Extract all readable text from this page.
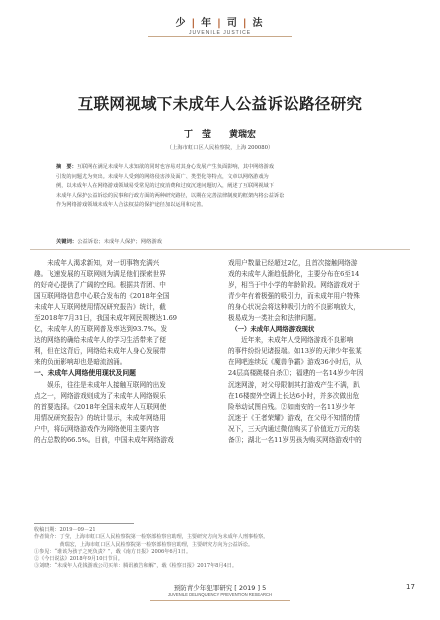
少 | 年 | 司 | 法
JUVENILE JUSTICE
互联网视域下未成年人公益诉讼路径研究
丁　莹 黄瑞宏
（上海市虹口区人民检察院，上海 200080）
摘　要：互联网在满足未成年人求知欲的同时也容易对其身心发展产生负面影响，其中网络游戏
引发的问题尤为突出。未成年人受到的网络侵害涉及面广、类型化等特点，文章以网络游戏为
例，以未成年人在网络游戏领域易受常见的过度消费和过度沉迷问题切入，阐述了互联网视域下
未成年人保护公益诉讼的民事和行政方面的两种研究路径，以期在完善法律制度的框架内将公益诉讼
作为网络游戏领域未成年人合法权益的保护途径加以运用和完善。
关键词：公益诉讼；未成年人保护；网络游戏
　　未成年人渴求新知，对一切事物充满兴
趣。飞速发展的互联网则为满足他们探索世界
的好奇心提供了广阔的空间。根据共青团、中
国互联网络信息中心联合发布的《2018年全国
未成年人互联网使用情况研究报告》统计，截
至2018年7月31日，我国未成年网民规模达1.69
亿，未成年人的互联网普及率达到93.7%。发
达的网络的确给未成年人的学习生活带来了便
利，但在这背后，网络给未成年人身心发展带
来的负面影响却也是暗流汹涌。
一、未成年人网络使用现状及问题
　　娱乐，往往是未成年人接触互联网的出发
点之一，网络游戏则成为了未成年人网络娱乐
的首要选择。《2018年全国未成年人互联网使
用情况研究报告》的统计显示，未成年网络用
户中，将玩网络游戏作为网络使用主要内容
的占总数的66.5%。目前，中国未成年网络游戏
戏用户数量已经超过2亿，且首次接触网络游
戏的未成年人渐趋低龄化，主要分布在6至14
岁，相当于中小学的年龄阶段。网络游戏对于
青少年有着极强的吸引力，而未成年用户特殊
的身心状况会将这种吸引力的不良影响放大，
极易成为一类社会和法律问题。
　（一）未成年人网络游戏现状
　　近年来，未成年人受网络游戏不良影响
的事件纷纷见诸报端。如13岁的天津少年张某
在网吧连续玩《魔兽争霸》游戏36小时后，从
24层高楼跳楼自杀①；福建的一名14岁少年因
沉迷网游，对父母限制其打游戏产生不满，趴
在16楼窗外空调上长达6小时，并多次做出危
险举动试图自残。②如南安的一名11岁少年
沉迷于《王者荣耀》游戏，在父母不知情的情
况下，三天内通过微信购买了价值近万元的装
备③；湖北一名11岁男孩为购买网络游戏中的
收稿日期：2019－09－21
作者简介：丁莹，上海市虹口区人民检察院第一检察部检察官助理，主要研究方向为未成年人刑事检察。
　　　　　黄瑞宏，上海市虹口区人民检察院第一检察部检察官助理，主要研究方向为公益诉讼。
①参见：“谁该为孩子之死负责？”，载《南方日报》2006年6月1日。
②《今日说法》2018年9月10日节目。
③刘晓：“未成年人花钱游戏公司买单：腾讯被告和解”，载《检察日报》2017年8月4日。
预防青少年犯罪研究 [ 2019 ] 5
JUVENILE DELINQUENCY PREVENTION RESEARCH
17
